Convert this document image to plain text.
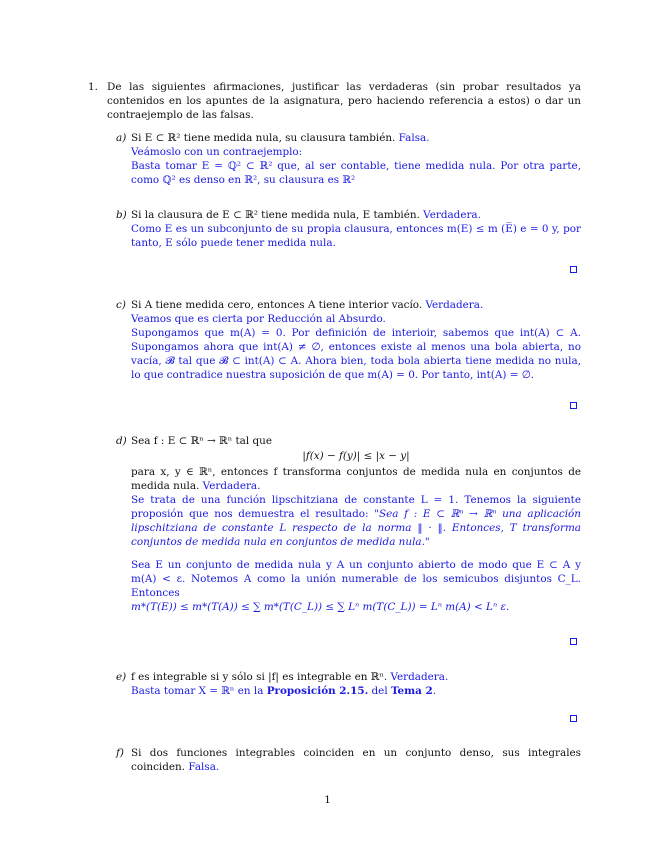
1. De las siguientes afirmaciones, justificar las verdaderas (sin probar resultados ya contenidos en los apuntes de la asignatura, pero haciendo referencia a estos) o dar un contraejemplo de las falsas.
a) Si E ⊂ ℝ² tiene medida nula, su clausura también. Falsa.
Veámoslo con un contraejemplo:
Basta tomar E = ℚ² ⊂ ℝ² que, al ser contable, tiene medida nula. Por otra parte, como ℚ² es denso en ℝ², su clausura es ℝ²
b) Si la clausura de E ⊂ ℝ² tiene medida nula, E también. Verdadera.
Como E es un subconjunto de su propia clausura, entonces m(E) ≤ m (E̅) e = 0 y, por tanto, E sólo puede tener medida nula.
c) Si A tiene medida cero, entonces A tiene interior vacío. Verdadera.
Veamos que es cierta por Reducción al Absurdo.
Supongamos que m(A) = 0. Por definición de interioir, sabemos que int(A) ⊂ A. Supongamos ahora que int(A) ≠ ∅, entonces existe al menos una bola abierta, no vacía, 𝓑 tal que 𝓑 ⊂ int(A) ⊂ A. Ahora bien, toda bola abierta tiene medida no nula, lo que contradice nuestra suposición de que m(A) = 0. Por tanto, int(A) = ∅.
d) Sea f : E ⊂ ℝⁿ → ℝⁿ tal que
|f(x) − f(y)| ≤ |x − y|
para x, y ∈ ℝⁿ, entonces f transforma conjuntos de medida nula en conjuntos de medida nula. Verdadera.
Se trata de una función lipschitziana de constante L = 1. Tenemos la siguiente proposión que nos demuestra el resultado: "Sea f : E ⊂ ℝⁿ → ℝⁿ una aplicación lipschitziana de constante L respecto de la norma ‖ · ‖. Entonces, T transforma conjuntos de medida nula en conjuntos de medida nula."
Sea E un conjunto de medida nula y A un conjunto abierto de modo que E ⊂ A y m(A) < ε. Notemos A como la unión numerable de los semicubos disjuntos C_L. Entonces
m*(T(E)) ≤ m*(T(A)) ≤ ∑ m*(T(C_L)) ≤ ∑ Lⁿ m(T(C_L)) = Lⁿ m(A) < Lⁿ ε.
e) f es integrable si y sólo si |f| es integrable en ℝⁿ. Verdadera.
Basta tomar X = ℝⁿ en la Proposición 2.15. del Tema 2.
f) Si dos funciones integrables coinciden en un conjunto denso, sus integrales coinciden. Falsa.
1
